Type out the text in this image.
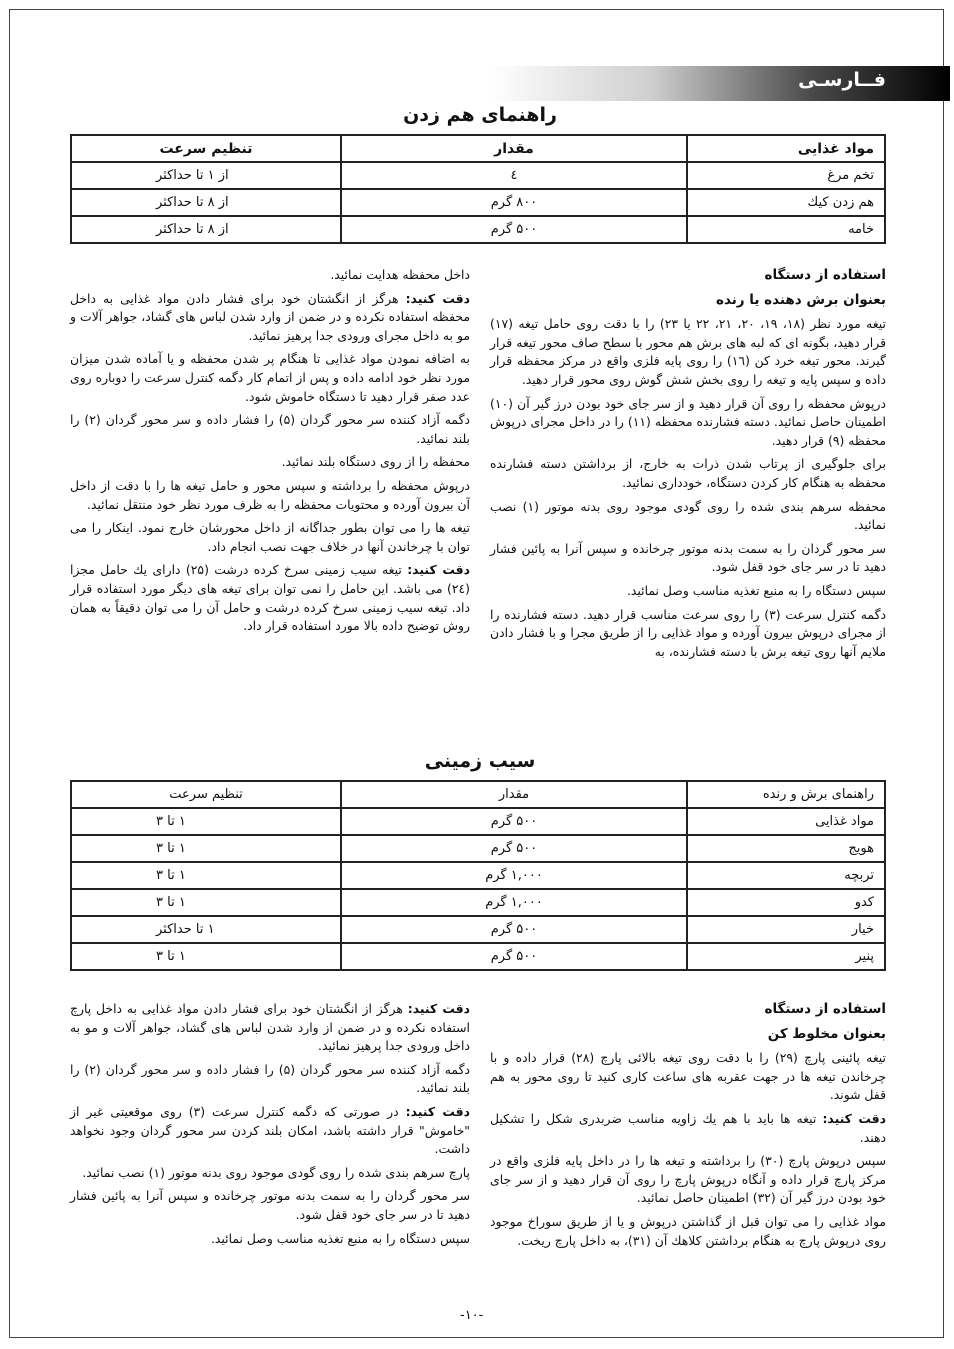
فــارسـى
راهنمای هم زدن
مواد غذایی	مقدار	تنظیم سرعت
تخم مرغ	٤	از ١ تا حداكثر
هم زدن كيك	۸۰۰ گرم	از ۸ تا حداكثر
خامه	۵۰۰ گرم	از ۸ تا حداكثر

استفاده از دستگاه

بعنوان برش دهنده یا رنده

تیغه مورد نظر (۱۸، ۱۹، ۲۰، ۲۱، ۲۲ یا ۲۳) را با دقت روی حامل تیغه (۱۷) قرار دهید، بگونه ای كه لبه های برش هم محور با سطح صاف محور تیغه قرار گیرند. محور تیغه خرد كن (١٦) را روی پایه فلزی واقع در مركز محفظه قرار داده و سپس پایه و تیغه را روی بخش شش گوش روی محور قرار دهید.

درپوش محفظه را روی آن قرار دهید و از سر جای خود بودن درز گیر آن (۱۰) اطمینان حاصل نمائید. دسته فشارنده محفظه (۱۱) را در داخل مجرای درپوش محفظه (۹) قرار دهید.

برای جلوگیری از پرتاب شدن ذرات به خارج، از برداشتن دسته فشارنده محفظه به هنگام كار كردن دستگاه، خودداری نمائید.

محفظه سرهم بندی شده را روی گودی موجود روی بدنه موتور (۱) نصب نمائید.

سر محور گردان را به سمت بدنه موتور چرخانده و سپس آنرا به پائین فشار دهید تا در سر جای خود قفل شود.

سپس دستگاه را به منبع تغذیه مناسب وصل نمائید.

دگمه كنترل سرعت (۳) را روی سرعت مناسب قرار دهید. دسته فشارنده را از مجرای درپوش بیرون آورده و مواد غذایی را از طریق مجرا و با فشار دادن ملایم آنها روی تیغه برش با دسته فشارنده، به

داخل محفظه هدایت نمائید.

دقت كنید: هرگز از انگشتان خود برای فشار دادن مواد غذایی به داخل محفظه استفاده نكرده و در ضمن از وارد شدن لباس های گشاد، جواهر آلات و مو به داخل مجرای ورودی جدا پرهیز نمائید.

به اضافه نمودن مواد غذایی تا هنگام پر شدن محفظه و یا آماده شدن میزان مورد نظر خود ادامه داده و پس از اتمام كار دگمه كنترل سرعت را دوباره روی عدد صفر قرار دهید تا دستگاه خاموش شود.

دگمه آزاد كننده سر محور گردان (۵) را فشار داده و سر محور گردان (۲) را بلند نمائید.

محفظه را از روی دستگاه بلند نمائید.

درپوش محفظه را برداشته و سپس محور و حامل تیغه ها را با دقت از داخل آن بیرون آورده و محتویات محفظه را به ظرف مورد نظر خود منتقل نمائید.

تیغه ها را می توان بطور جداگانه از داخل محورشان خارج نمود. اینكار را می توان با چرخاندن آنها در خلاف جهت نصب انجام داد.

دقت كنید: تیغه سیب زمینی سرخ كرده درشت (۲۵) دارای یك حامل مجزا (۲٤) می باشد. این حامل را نمی توان برای تیغه های دیگر مورد استفاده قرار داد. تیغه سیب زمینی سرخ كرده درشت و حامل آن را می توان دقیقاً به همان روش توضیح داده بالا مورد استفاده قرار داد.

سیب زمینی
راهنمای برش و رنده	مقدار	تنظیم سرعت
مواد غذایی	۵۰۰ گرم	١ تا ٣
هویج	۵۰۰ گرم	١ تا ٣
تربچه	۱,۰۰۰ گرم	١ تا ٣
كدو	۱,۰۰۰ گرم	١ تا ٣
خیار	۵۰۰ گرم	١ تا حداكثر
پنیر	۵۰۰ گرم	١ تا ٣

استفاده از دستگاه

بعنوان مخلوط كن

تیغه پائینی پارچ (۲۹) را با دقت روی تیغه بالائی پارچ (۲۸) قرار داده و با چرخاندن تیغه ها در جهت عقربه های ساعت كاری كنید تا روی محور به هم قفل شوند.

دقت كنید: تیغه ها باید با هم یك زاویه مناسب ضربدری شكل را تشكیل دهند.

سپس درپوش پارچ (۳۰) را برداشته و تیغه ها را در داخل پایه فلزی واقع در مركز پارچ قرار داده و آنگاه درپوش پارچ را روی آن قرار دهید و از سر جای خود بودن درز گیر آن (۳۲) اطمینان حاصل نمائید.

مواد غذایی را می توان قبل از گذاشتن درپوش و یا از طریق سوراخ موجود روی درپوش پارچ به هنگام برداشتن كلاهك آن (۳۱)، به داخل پارچ ریخت.

دقت كنید: هرگز از انگشتان خود برای فشار دادن مواد غذایی به داخل پارچ استفاده نكرده و در ضمن از وارد شدن لباس های گشاد، جواهر آلات و مو به داخل ورودی جدا پرهیز نمائید.

دگمه آزاد كننده سر محور گردان (۵) را فشار داده و سر محور گردان (۲) را بلند نمائید.

دقت كنید: در صورتی كه دگمه كنترل سرعت (۳) روی موقعیتی غیر از "خاموش" قرار داشته باشد، امكان بلند كردن سر محور گردان وجود نخواهد داشت.

پارچ سرهم بندی شده را روی گودی موجود روی بدنه موتور (۱) نصب نمائید.

سر محور گردان را به سمت بدنه موتور چرخانده و سپس آنرا به پائین فشار دهید تا در سر جای خود قفل شود.

سپس دستگاه را به منبع تغذیه مناسب وصل نمائید.

-۱۰-
